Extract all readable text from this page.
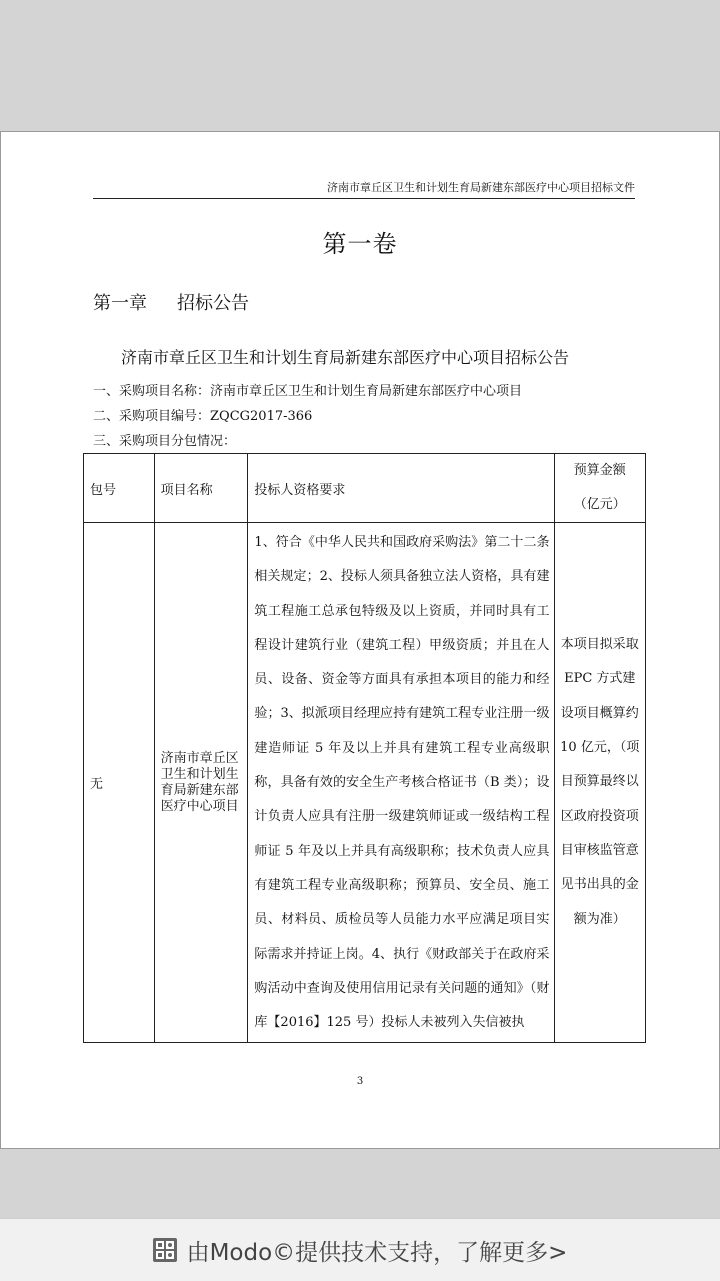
济南市章丘区卫生和计划生育局新建东部医疗中心项目招标文件
第一卷
第一章 招标公告
济南市章丘区卫生和计划生育局新建东部医疗中心项目招标公告
一、采购项目名称：济南市章丘区卫生和计划生育局新建东部医疗中心项目
二、采购项目编号：ZQCG2017-366
三、采购项目分包情况：
包号	项目名称	投标人资格要求	预算金额
（亿元）

无	济南市章丘区卫生和计划生育局新建东部医疗中心项目	1、符合《中华人民共和国政府采购法》第二十二条相关规定；2、投标人须具备独立法人资格，具有建筑工程施工总承包特级及以上资质，并同时具有工程设计建筑行业（建筑工程）甲级资质；并且在人员、设备、资金等方面具有承担本项目的能力和经验；3、拟派项目经理应持有建筑工程专业注册一级建造师证 5 年及以上并具有建筑工程专业高级职称，具备有效的安全生产考核合格证书（B 类）；设计负责人应具有注册一级建筑师证或一级结构工程师证 5 年及以上并具有高级职称；技术负责人应具有建筑工程专业高级职称；预算员、安全员、施工员、材料员、质检员等人员能力水平应满足项目实际需求并持证上岗。4、执行《财政部关于在政府采购活动中查询及使用信用记录有关问题的通知》（财库【2016】125 号）投标人未被列入失信被执	本项目拟采取 EPC 方式建设项目概算约 10 亿元，（项目预算最终以区政府投资项目审核监管意见书出具的金额为准）
3
由Modo©提供技术支持，了解更多>
